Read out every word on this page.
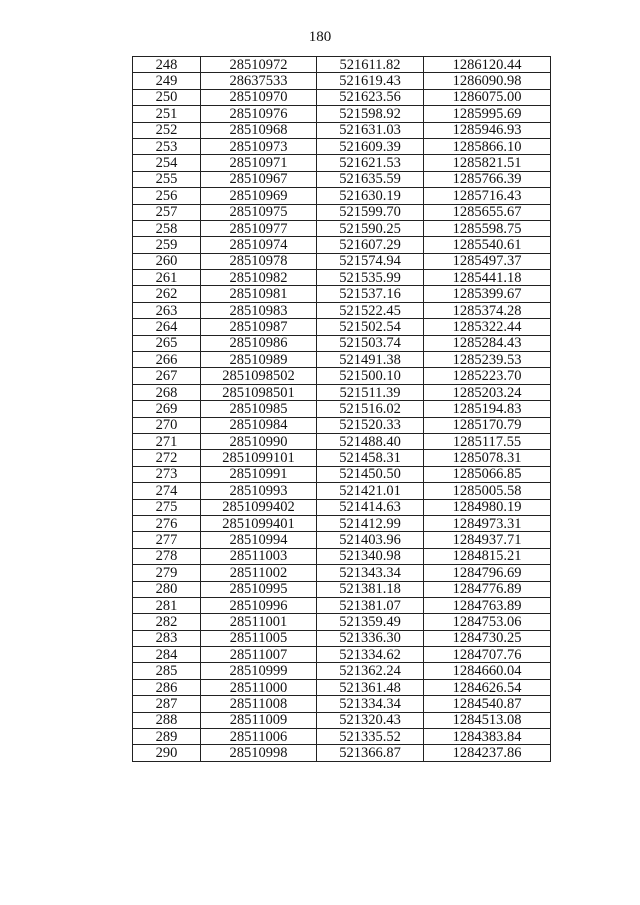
180
248	28510972	521611.82	1286120.44
249	28637533	521619.43	1286090.98
250	28510970	521623.56	1286075.00
251	28510976	521598.92	1285995.69
252	28510968	521631.03	1285946.93
253	28510973	521609.39	1285866.10
254	28510971	521621.53	1285821.51
255	28510967	521635.59	1285766.39
256	28510969	521630.19	1285716.43
257	28510975	521599.70	1285655.67
258	28510977	521590.25	1285598.75
259	28510974	521607.29	1285540.61
260	28510978	521574.94	1285497.37
261	28510982	521535.99	1285441.18
262	28510981	521537.16	1285399.67
263	28510983	521522.45	1285374.28
264	28510987	521502.54	1285322.44
265	28510986	521503.74	1285284.43
266	28510989	521491.38	1285239.53
267	2851098502	521500.10	1285223.70
268	2851098501	521511.39	1285203.24
269	28510985	521516.02	1285194.83
270	28510984	521520.33	1285170.79
271	28510990	521488.40	1285117.55
272	2851099101	521458.31	1285078.31
273	28510991	521450.50	1285066.85
274	28510993	521421.01	1285005.58
275	2851099402	521414.63	1284980.19
276	2851099401	521412.99	1284973.31
277	28510994	521403.96	1284937.71
278	28511003	521340.98	1284815.21
279	28511002	521343.34	1284796.69
280	28510995	521381.18	1284776.89
281	28510996	521381.07	1284763.89
282	28511001	521359.49	1284753.06
283	28511005	521336.30	1284730.25
284	28511007	521334.62	1284707.76
285	28510999	521362.24	1284660.04
286	28511000	521361.48	1284626.54
287	28511008	521334.34	1284540.87
288	28511009	521320.43	1284513.08
289	28511006	521335.52	1284383.84
290	28510998	521366.87	1284237.86
